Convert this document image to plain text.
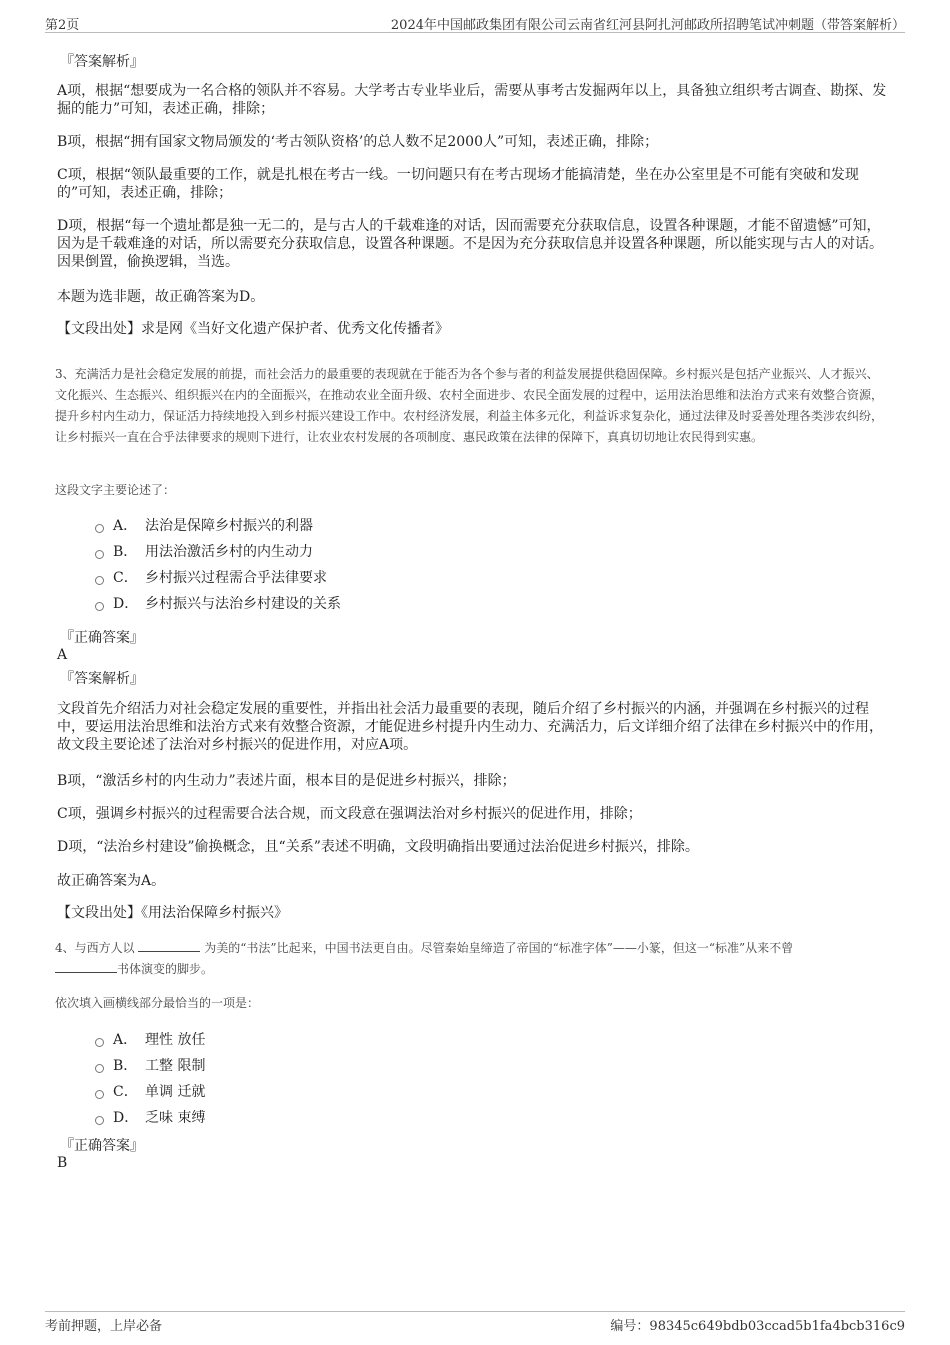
第2页	2024年中国邮政集团有限公司云南省红河县阿扎河邮政所招聘笔试冲刺题（带答案解析）
『答案解析』
A项，根据“想要成为一名合格的领队并不容易。大学考古专业毕业后，需要从事考古发掘两年以上，具备独立组织考古调查、勘探、发掘的能力”可知，表述正确，排除；
B项，根据“拥有国家文物局颁发的‘考古领队资格’的总人数不足2000人”可知，表述正确，排除；
C项，根据“领队最重要的工作，就是扎根在考古一线。一切问题只有在考古现场才能搞清楚，坐在办公室里是不可能有突破和发现的”可知，表述正确，排除；
D项，根据“每一个遗址都是独一无二的，是与古人的千载难逢的对话，因而需要充分获取信息，设置各种课题，才能不留遗憾”可知，因为是千载难逢的对话，所以需要充分获取信息，设置各种课题。不是因为充分获取信息并设置各种课题，所以能实现与古人的对话。因果倒置，偷换逻辑，当选。
本题为选非题，故正确答案为D。
【文段出处】求是网《当好文化遗产保护者、优秀文化传播者》
3、充满活力是社会稳定发展的前提，而社会活力的最重要的表现就在于能否为各个参与者的利益发展提供稳固保障。乡村振兴是包括产业振兴、人才振兴、文化振兴、生态振兴、组织振兴在内的全面振兴，在推动农业全面升级、农村全面进步、农民全面发展的过程中，运用法治思维和法治方式来有效整合资源，提升乡村内生动力，保证活力持续地投入到乡村振兴建设工作中。农村经济发展，利益主体多元化，利益诉求复杂化，通过法律及时妥善处理各类涉农纠纷，让乡村振兴一直在合乎法律要求的规则下进行，让农业农村发展的各项制度、惠民政策在法律的保障下，真真切切地让农民得到实惠。
这段文字主要论述了：
A． 法治是保障乡村振兴的利器
B． 用法治激活乡村的内生动力
C． 乡村振兴过程需合乎法律要求
D． 乡村振兴与法治乡村建设的关系
『正确答案』
A
『答案解析』
文段首先介绍活力对社会稳定发展的重要性，并指出社会活力最重要的表现，随后介绍了乡村振兴的内涵，并强调在乡村振兴的过程中，要运用法治思维和法治方式来有效整合资源，才能促进乡村提升内生动力、充满活力，后文详细介绍了法律在乡村振兴中的作用，故文段主要论述了法治对乡村振兴的促进作用，对应A项。
B项，“激活乡村的内生动力”表述片面，根本目的是促进乡村振兴，排除；
C项，强调乡村振兴的过程需要合法合规，而文段意在强调法治对乡村振兴的促进作用，排除；
D项，“法治乡村建设”偷换概念，且“关系”表述不明确，文段明确指出要通过法治促进乡村振兴，排除。
故正确答案为A。
【文段出处】《用法治保障乡村振兴》
4、与西方人以	为美的“书法”比起来，中国书法更自由。尽管秦始皇缔造了帝国的“标准字体”——小篆，但这一“标准”从来不曾
书体演变的脚步。
依次填入画横线部分最恰当的一项是：
A． 理性 放任
B． 工整 限制
C． 单调 迁就
D． 乏味 束缚
『正确答案』
B
考前押题，上岸必备	编号：98345c649bdb03ccad5b1fa4bcb316c9
